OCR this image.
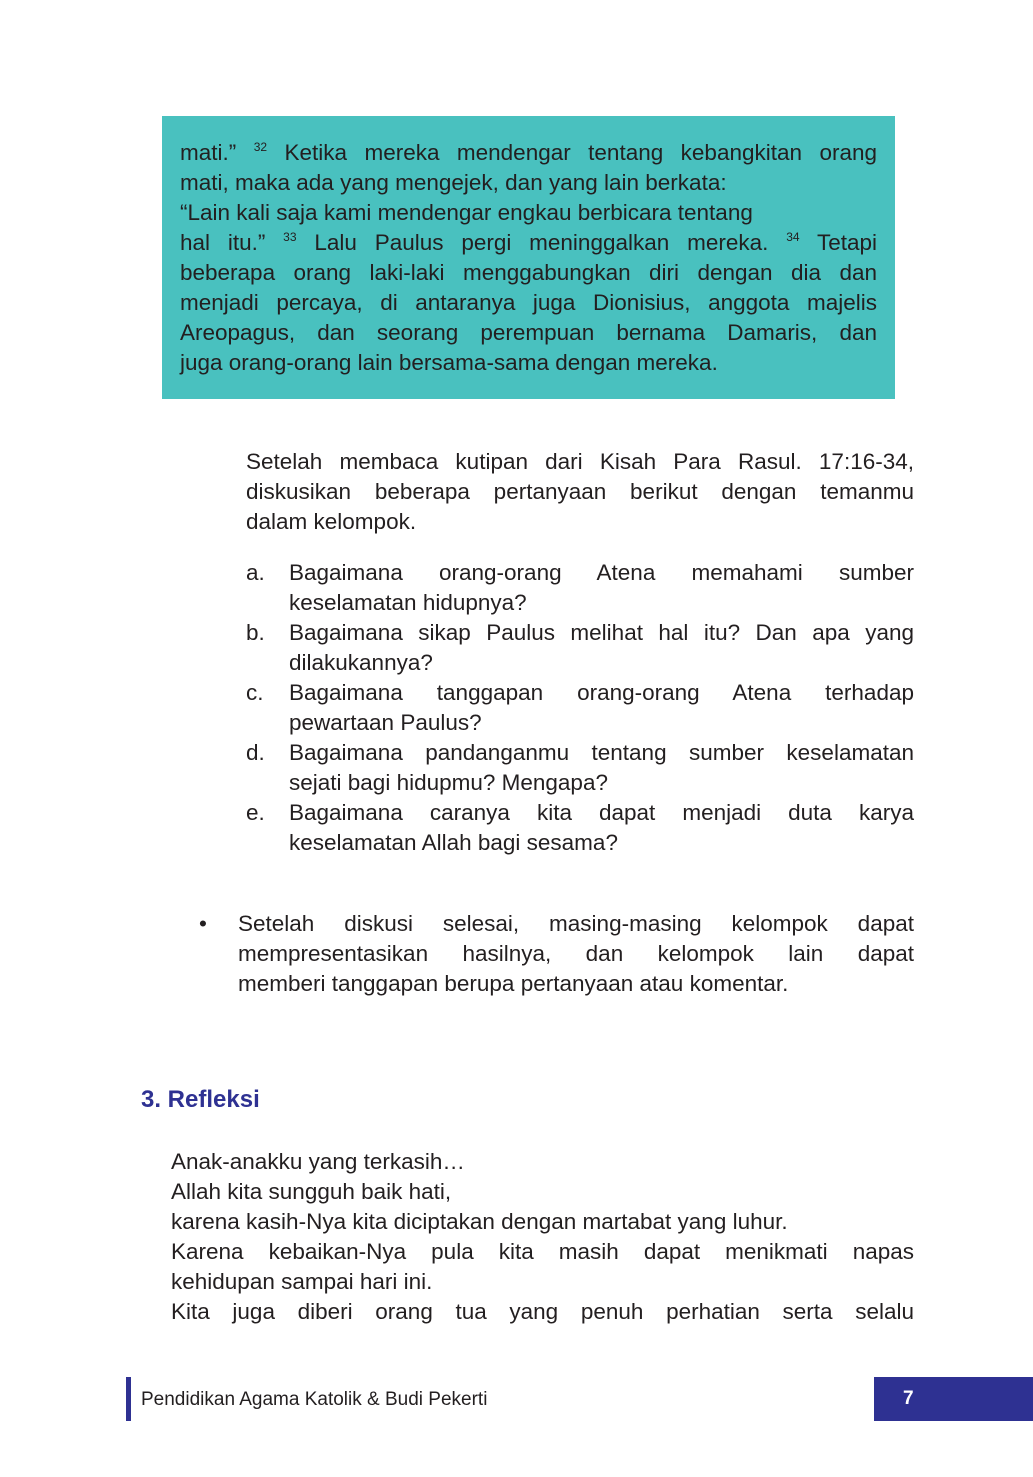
mati.” $^{32}$ Ketika mereka mendengar tentang kebangkitan orang
mati, maka ada yang mengejek, dan yang lain berkata:
“Lain kali saja kami mendengar engkau berbicara tentang
hal itu.” $^{33}$ Lalu Paulus pergi meninggalkan mereka. $^{34}$ Tetapi
beberapa orang laki-laki menggabungkan diri dengan dia dan
menjadi percaya, di antaranya juga Dionisius, anggota majelis
Areopagus, dan seorang perempuan bernama Damaris, dan
juga orang-orang lain bersama-sama dengan mereka.
Setelah membaca kutipan dari Kisah Para Rasul. 17:16-34,
diskusikan beberapa pertanyaan berikut dengan temanmu
dalam kelompok.
a. Bagaimana orang-orang Atena memahami sumber
keselamatan hidupnya?
b. Bagaimana sikap Paulus melihat hal itu? Dan apa yang
dilakukannya?
c. Bagaimana tanggapan orang-orang Atena terhadap
pewartaan Paulus?
d. Bagaimana pandanganmu tentang sumber keselamatan
sejati bagi hidupmu? Mengapa?
e. Bagaimana caranya kita dapat menjadi duta karya
keselamatan Allah bagi sesama?
• Setelah diskusi selesai, masing-masing kelompok dapat
mempresentasikan hasilnya, dan kelompok lain dapat
memberi tanggapan berupa pertanyaan atau komentar.
3. Refleksi
Anak-anakku yang terkasih…
Allah kita sungguh baik hati,
karena kasih-Nya kita diciptakan dengan martabat yang luhur.
Karena kebaikan-Nya pula kita masih dapat menikmati napas
kehidupan sampai hari ini.
Kita juga diberi orang tua yang penuh perhatian serta selalu
Pendidikan Agama Katolik & Budi Pekerti	7
